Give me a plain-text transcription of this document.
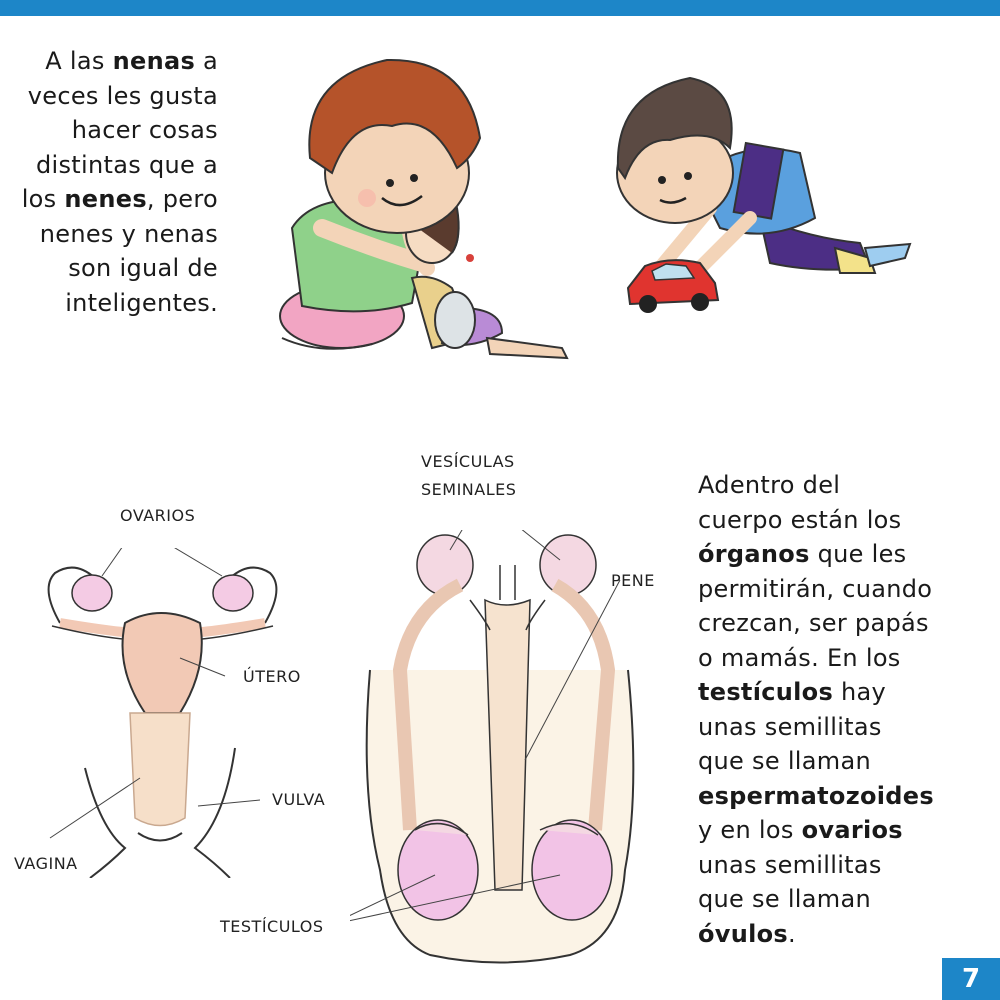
A las nenas a
veces les gusta
hacer cosas
distintas que a
los nenes, pero
nenes y nenas
son igual de
inteligentes.
OVARIOS
ÚTERO
VULVA
VAGINA
VESÍCULAS
SEMINALES
PENE
TESTÍCULOS
Adentro del
cuerpo están los
órganos que les
permitirán, cuando
crezcan, ser papás
o mamás. En los
testículos hay
unas semillitas
que se llaman
espermatozoides
y en los ovarios
unas semillitas
que se llaman
óvulos.
7
